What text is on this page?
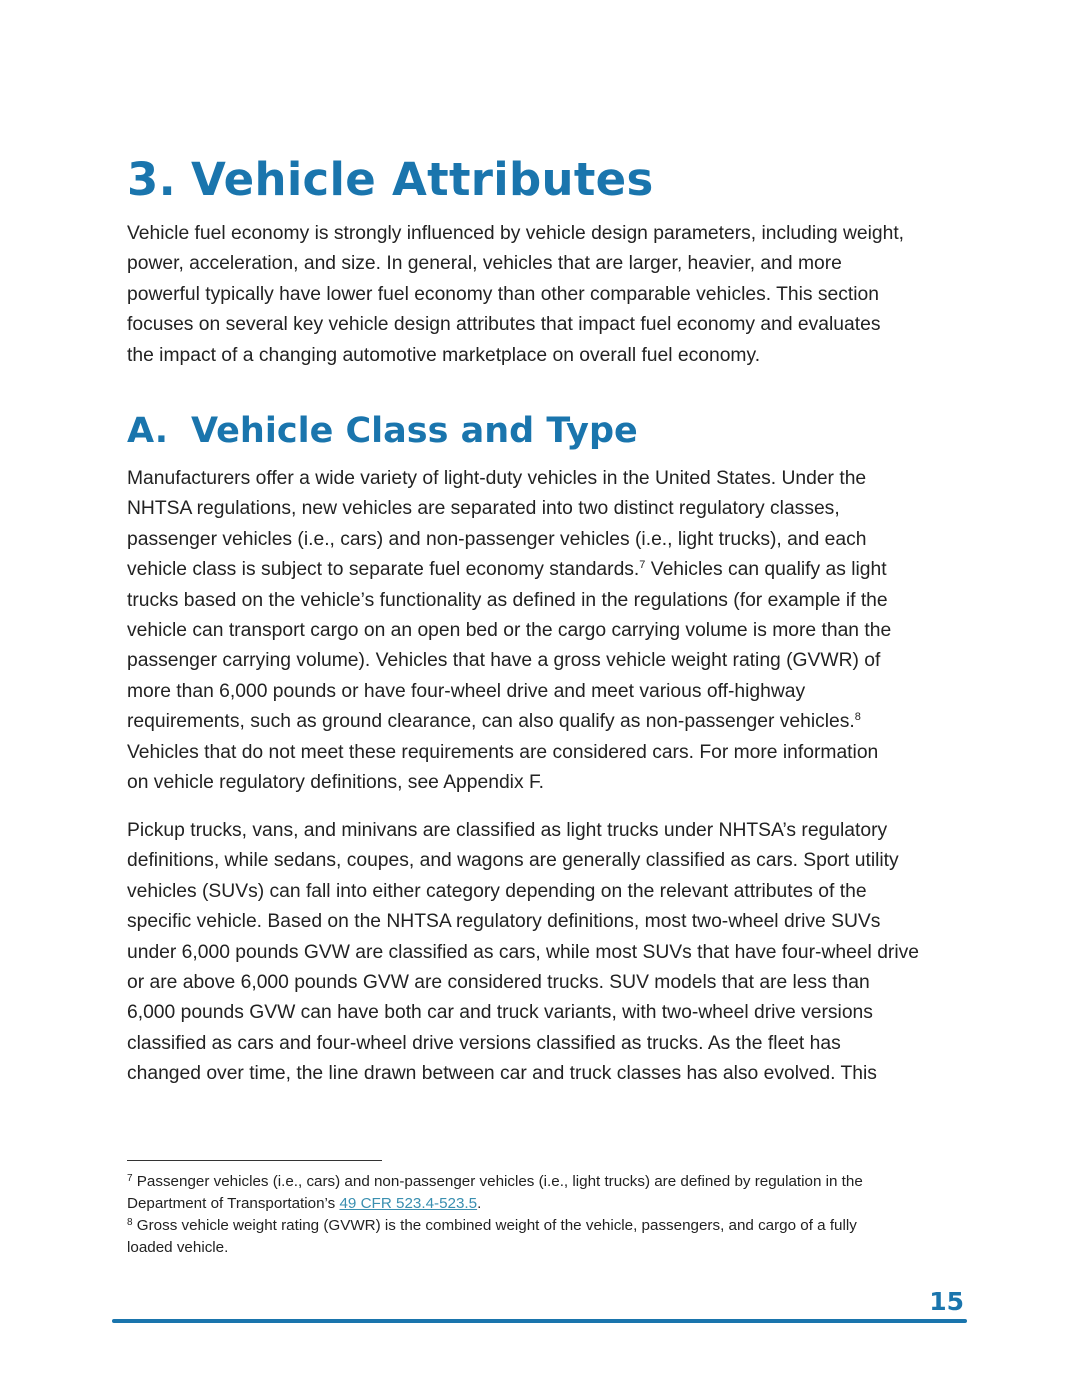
3. Vehicle Attributes

Vehicle fuel economy is strongly influenced by vehicle design parameters, including weight,
power, acceleration, and size. In general, vehicles that are larger, heavier, and more
powerful typically have lower fuel economy than other comparable vehicles. This section
focuses on several key vehicle design attributes that impact fuel economy and evaluates
the impact of a changing automotive marketplace on overall fuel economy.

A. Vehicle Class and Type

Manufacturers offer a wide variety of light-duty vehicles in the United States. Under the
NHTSA regulations, new vehicles are separated into two distinct regulatory classes,
passenger vehicles (i.e., cars) and non-passenger vehicles (i.e., light trucks), and each
vehicle class is subject to separate fuel economy standards.$^7$ Vehicles can qualify as light
trucks based on the vehicle’s functionality as defined in the regulations (for example if the
vehicle can transport cargo on an open bed or the cargo carrying volume is more than the
passenger carrying volume). Vehicles that have a gross vehicle weight rating (GVWR) of
more than 6,000 pounds or have four-wheel drive and meet various off-highway
requirements, such as ground clearance, can also qualify as non-passenger vehicles.$^8$
Vehicles that do not meet these requirements are considered cars. For more information
on vehicle regulatory definitions, see Appendix F.

Pickup trucks, vans, and minivans are classified as light trucks under NHTSA’s regulatory
definitions, while sedans, coupes, and wagons are generally classified as cars. Sport utility
vehicles (SUVs) can fall into either category depending on the relevant attributes of the
specific vehicle. Based on the NHTSA regulatory definitions, most two-wheel drive SUVs
under 6,000 pounds GVW are classified as cars, while most SUVs that have four-wheel drive
or are above 6,000 pounds GVW are considered trucks. SUV models that are less than
6,000 pounds GVW can have both car and truck variants, with two-wheel drive versions
classified as cars and four-wheel drive versions classified as trucks. As the fleet has
changed over time, the line drawn between car and truck classes has also evolved. This

$^7$ Passenger vehicles (i.e., cars) and non-passenger vehicles (i.e., light trucks) are defined by regulation in the
Department of Transportation’s 49 CFR 523.4-523.5.
$^8$ Gross vehicle weight rating (GVWR) is the combined weight of the vehicle, passengers, and cargo of a fully
loaded vehicle.
15
